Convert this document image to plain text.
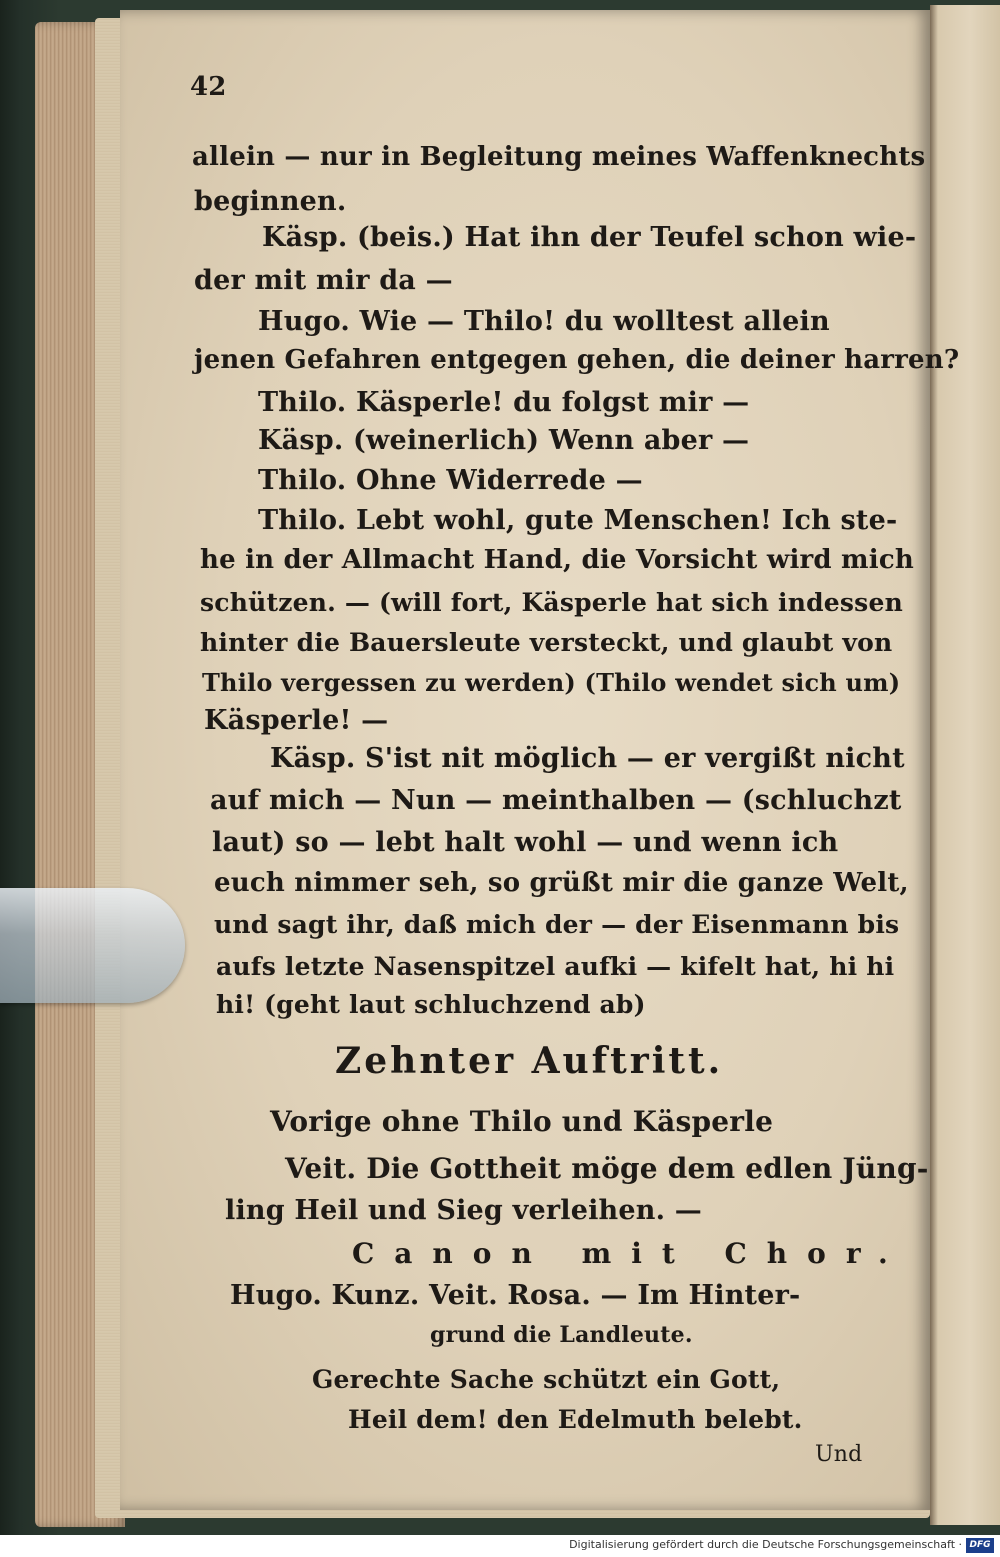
42
allein — nur in Begleitung meines Waffenknechts
beginnen.
Käsp. (beis.) Hat ihn der Teufel schon wie-
der mit mir da —
Hugo. Wie — Thilo! du wolltest allein
jenen Gefahren entgegen gehen, die deiner harren?
Thilo. Käsperle! du folgst mir —
Käsp. (weinerlich) Wenn aber —
Thilo. Ohne Widerrede —
Thilo. Lebt wohl, gute Menschen! Ich ste-
he in der Allmacht Hand, die Vorsicht wird mich
schützen. — (will fort, Käsperle hat sich indessen
hinter die Bauersleute versteckt, und glaubt von
Thilo vergessen zu werden) (Thilo wendet sich um)
Käsperle! —
Käsp. S'ist nit möglich — er vergißt nicht
auf mich — Nun — meinthalben — (schluchzt
laut) so — lebt halt wohl — und wenn ich
euch nimmer seh, so grüßt mir die ganze Welt,
und sagt ihr, daß mich der — der Eisenmann bis
aufs letzte Nasenspitzel aufki — kifelt hat, hi hi
hi! (geht laut schluchzend ab)
Zehnter Auftritt.
Vorige ohne Thilo und Käsperle
Veit. Die Gottheit möge dem edlen Jüng-
ling Heil und Sieg verleihen. —
Canon mit Chor.
Hugo. Kunz. Veit. Rosa. — Im Hinter-
grund die Landleute.
Gerechte Sache schützt ein Gott,
Heil dem! den Edelmuth belebt.
Und
Digitalisierung gefördert durch die Deutsche Forschungsgemeinschaft · DFG
